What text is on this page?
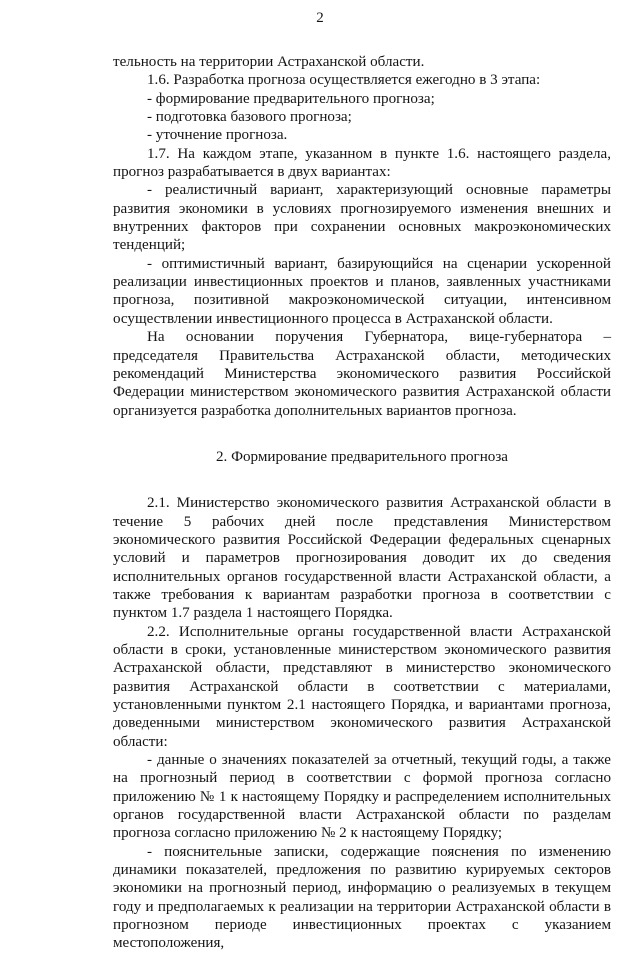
2

тельность на территории Астраханской области.

1.6. Разработка прогноза осуществляется ежегодно в 3 этапа:

- формирование предварительного прогноза;

- подготовка базового прогноза;

- уточнение прогноза.

1.7. На каждом этапе, указанном в пункте 1.6. настоящего раздела, прогноз разрабатывается в двух вариантах:

- реалистичный вариант, характеризующий основные параметры развития экономики в условиях прогнозируемого изменения внешних и внутренних факторов при сохранении основных макроэкономических тенденций;

- оптимистичный вариант, базирующийся на сценарии ускоренной реализации инвестиционных проектов и планов, заявленных участниками прогноза, позитивной макроэкономической ситуации, интенсивном осуществлении инвестиционного процесса в Астраханской области.

На основании поручения Губернатора, вице-губернатора – председателя Правительства Астраханской области, методических рекомендаций Министерства экономического развития Российской Федерации министерством экономического развития Астраханской области организуется разработка дополнительных вариантов прогноза.

2. Формирование предварительного прогноза

2.1. Министерство экономического развития Астраханской области в течение 5 рабочих дней после представления Министерством экономического развития Российской Федерации федеральных сценарных условий и параметров прогнозирования доводит их до сведения исполнительных органов государственной власти Астраханской области, а также требования к вариантам разработки прогноза в соответствии с пунктом 1.7 раздела 1 настоящего Порядка.

2.2. Исполнительные органы государственной власти Астраханской области в сроки, установленные министерством экономического развития Астраханской области, представляют в министерство экономического развития Астраханской области в соответствии с материалами, установленными пунктом 2.1 настоящего Порядка, и вариантами прогноза, доведенными министерством экономического развития Астраханской области:

- данные о значениях показателей за отчетный, текущий годы, а также на прогнозный период в соответствии с формой прогноза согласно приложению № 1 к настоящему Порядку и распределением исполнительных органов государственной власти Астраханской области по разделам прогноза согласно приложению № 2 к настоящему Порядку;

- пояснительные записки, содержащие пояснения по изменению динамики показателей, предложения по развитию курируемых секторов экономики на прогнозный период, информацию о реализуемых в текущем году и предполагаемых к реализации на территории Астраханской области в прогнозном периоде инвестиционных проектах с указанием местоположения,
